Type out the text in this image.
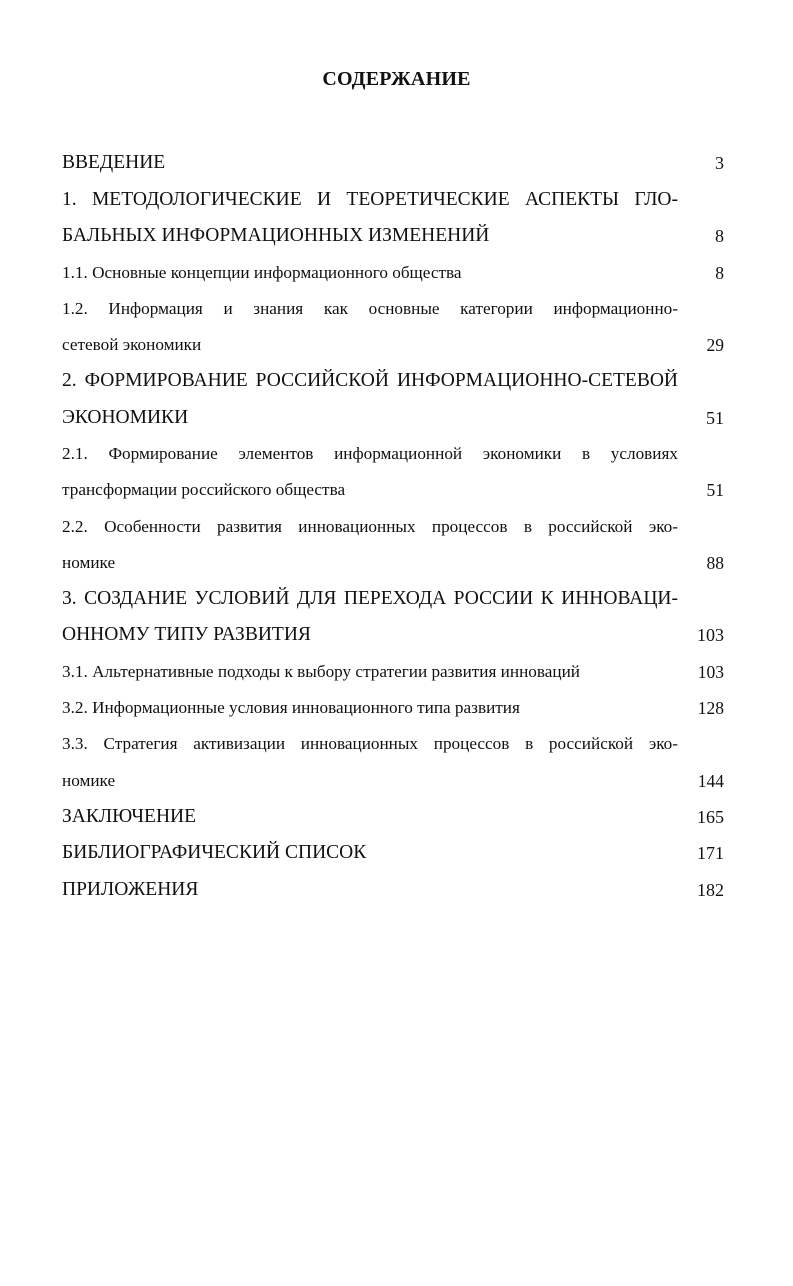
СОДЕРЖАНИЕ
ВВЕДЕНИЕ	3
1. МЕТОДОЛОГИЧЕСКИЕ И ТЕОРЕТИЧЕСКИЕ АСПЕКТЫ ГЛО-
БАЛЬНЫХ ИНФОРМАЦИОННЫХ ИЗМЕНЕНИЙ	8
1.1. Основные концепции информационного общества	8
1.2. Информация и знания как основные категории информационно-
сетевой экономики	29
2. ФОРМИРОВАНИЕ РОССИЙСКОЙ ИНФОРМАЦИОННО-СЕТЕВОЙ
ЭКОНОМИКИ	51
2.1. Формирование элементов информационной экономики в условиях
трансформации российского общества	51
2.2. Особенности развития инновационных процессов в российской эко-
номике	88
3. СОЗДАНИЕ УСЛОВИЙ ДЛЯ ПЕРЕХОДА РОССИИ К ИННОВАЦИ-
ОННОМУ ТИПУ РАЗВИТИЯ	103
3.1. Альтернативные подходы к выбору стратегии развития инноваций	103
3.2. Информационные условия инновационного типа развития	128
3.3. Стратегия активизации инновационных процессов в российской эко-
номике	144
ЗАКЛЮЧЕНИЕ	165
БИБЛИОГРАФИЧЕСКИЙ СПИСОК	171
ПРИЛОЖЕНИЯ	182
